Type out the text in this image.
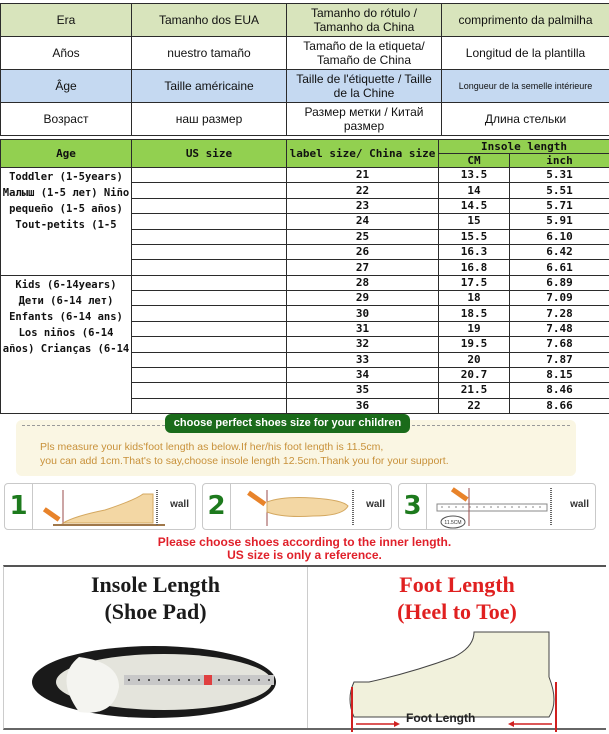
Era	Tamanho dos EUA	Tamanho do rótulo / Tamanho da China	comprimento da palmilha
Años	nuestro tamaño	Tamaño de la etiqueta/ Tamaño de China	Longitud de la plantilla
Âge	Taille américaine	Taille de l'étiquette / Taille de la Chine	Longueur de la semelle intérieure
Возраст	наш размер	Размер метки / Китай размер	Длина стельки
Age	US size	label size/ China size	Insole length	
			CM	inch

Toddler (1-5years) Малыш (1-5 лет) Niño pequeño (1-5 años) Tout-petits (1-5		21	13.5	5.31
		22	14	5.51
		23	14.5	5.71
		24	15	5.91
		25	15.5	6.10
		26	16.3	6.42
		27	16.8	6.61

Kids (6-14years) Дети (6-14 лет) Enfants (6-14 ans) Los niños (6-14 años) Crianças (6-14		28	17.5	6.89
		29	18	7.09
		30	18.5	7.28
		31	19	7.48
		32	19.5	7.68
		33	20	7.87
		34	20.7	8.15
		35	21.5	8.46
		36	22	8.66
choose perfect shoes size for your children
Pls measure your kids'foot length as below.If her/his foot length is 11.5cm,
you can add 1cm.That's to say,choose insole length 12.5cm.Thank you for your support.
1	wall 2	wall 3
11.5CM
wall
Please choose shoes according to the inner length.
US size is only a reference.
Insole Length
(Shoe Pad)
Foot Length
(Heel to Toe)
Foot Length
